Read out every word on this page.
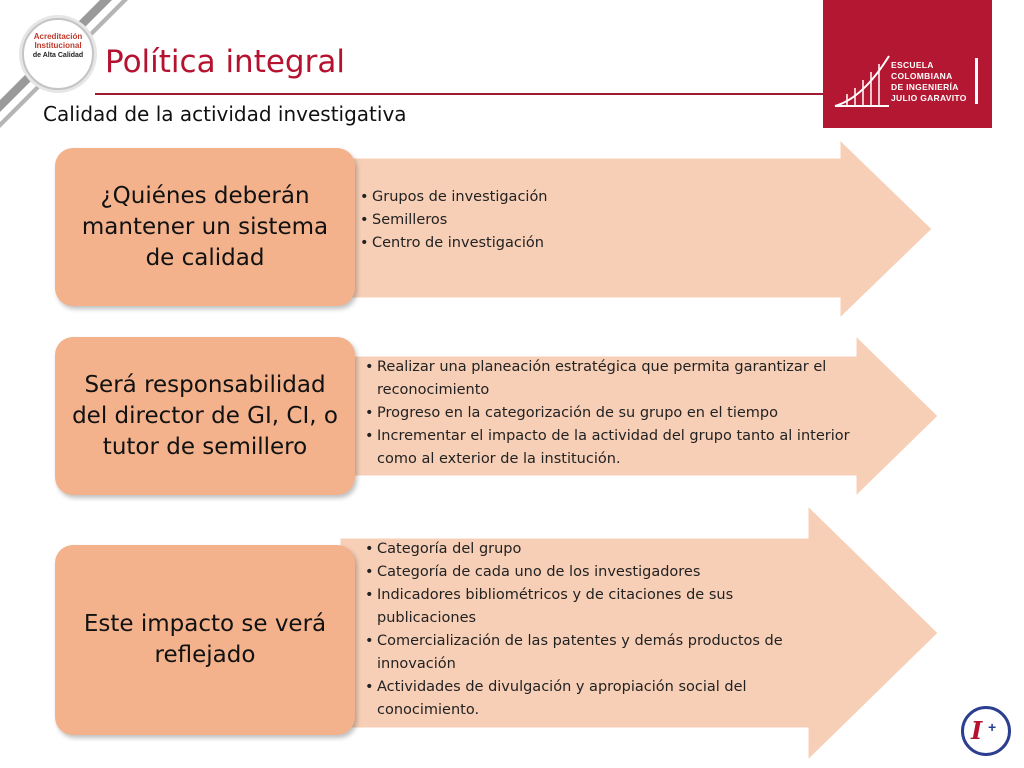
Acreditación
Institucional
de Alta Calidad Política integral
Calidad de la actividad investigativa
ESCUELA
COLOMBIANA
DE INGENIERÍA
JULIO GARAVITO
¿Quiénes deberán mantener un sistema de calidad
• Grupos de investigación
• Semilleros
• Centro de investigación
Será responsabilidad del director de GI, CI, o tutor de semillero
• Realizar una planeación estratégica que permita garantizar el reconocimiento
• Progreso en la categorización de su grupo en el tiempo
• Incrementar el impacto de la actividad del grupo tanto al interior como al exterior de la institución.
Este impacto se verá reflejado
• Categoría del grupo
• Categoría de cada uno de los investigadores
• Indicadores bibliométricos y de citaciones de sus publicaciones
• Comercialización de las patentes y demás productos de innovación
• Actividades de divulgación y apropiación social del conocimiento.
I +
